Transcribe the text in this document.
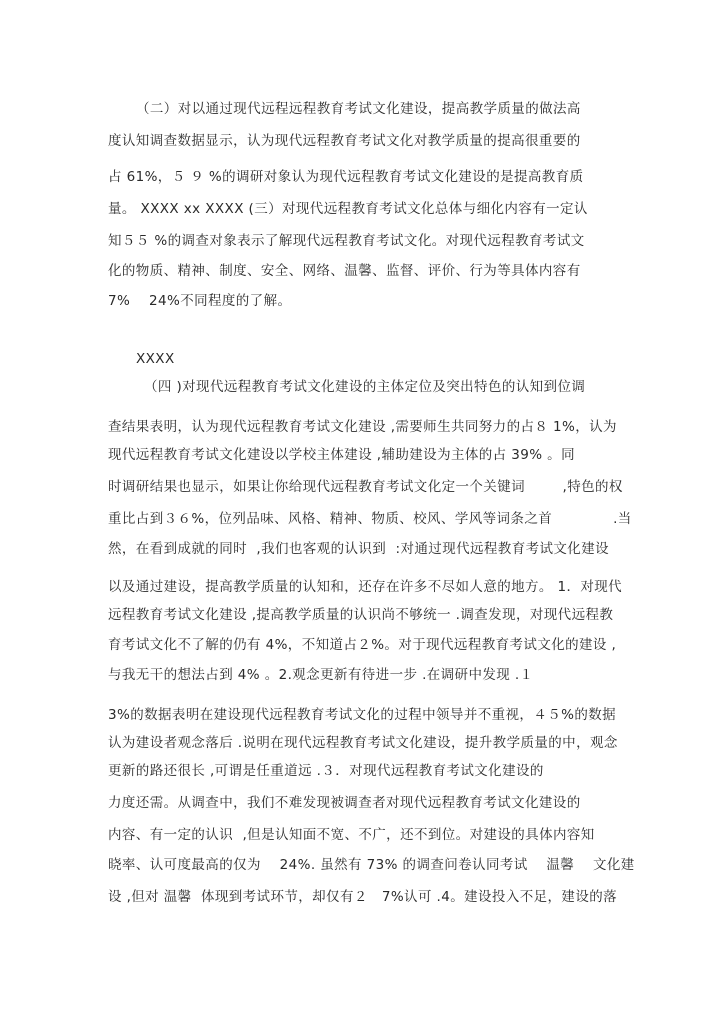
（二）对以通过现代远程远程教育考试文化建设，提高教学质量的做法高
度认知调查数据显示，认为现代远程教育考试文化对教学质量的提高很重要的
占 61%，５ ９ %的调研对象认为现代远程教育考试文化建设的是提高教育质
量。 XXXX xx XXXX (三）对现代远程教育考试文化总体与细化内容有一定认
知５５ %的调查对象表示了解现代远程教育考试文化。对现代远程教育考试文
化的物质、精神、制度、安全、网络、温馨、监督、评价、行为等具体内容有
7%    24%不同程度的了解。
XXXX
（四 )对现代远程教育考试文化建设的主体定位及突出特色的认知到位调
查结果表明，认为现代远程教育考试文化建设 ,需要师生共同努力的占８ 1%，认为
现代远程教育考试文化建设以学校主体建设 ,辅助建设为主体的占 39% 。同
时调研结果也显示，如果让你给现代远程教育考试文化定一个关键词        ,特色的权
重比占到３６%，位列品味、风格、精神、物质、校风、学风等词条之首             .当
然，在看到成就的同时  ,我们也客观的认识到  :对通过现代远程教育考试文化建设
以及通过建设，提高教学质量的认知和，还存在许多不尽如人意的地方。 1．对现代
远程教育考试文化建设 ,提高教学质量的认识尚不够统一 .调查发现，对现代远程教
育考试文化不了解的仍有 4%，不知道占２%。对于现代远程教育考试文化的建设 ,
与我无干的想法占到 4% 。2.观念更新有待进一步 .在调研中发现 .１
3%的数据表明在建设现代远程教育考试文化的过程中领导并不重视，４５%的数据
认为建设者观念落后 .说明在现代远程教育考试文化建设，提升教学质量的中，观念
更新的路还很长 ,可谓是任重道远 .３．对现代远程教育考试文化建设的
力度还需。从调查中，我们不难发现被调查者对现代远程教育考试文化建设的
内容、有一定的认识  ,但是认知面不宽、不广，还不到位。对建设的具体内容知
晓率、认可度最高的仅为    24%. 虽然有 73% 的调查问卷认同考试    温馨    文化建
设 ,但对 温馨  体现到考试环节，却仅有２   7%认可 .4。建设投入不足，建设的落
